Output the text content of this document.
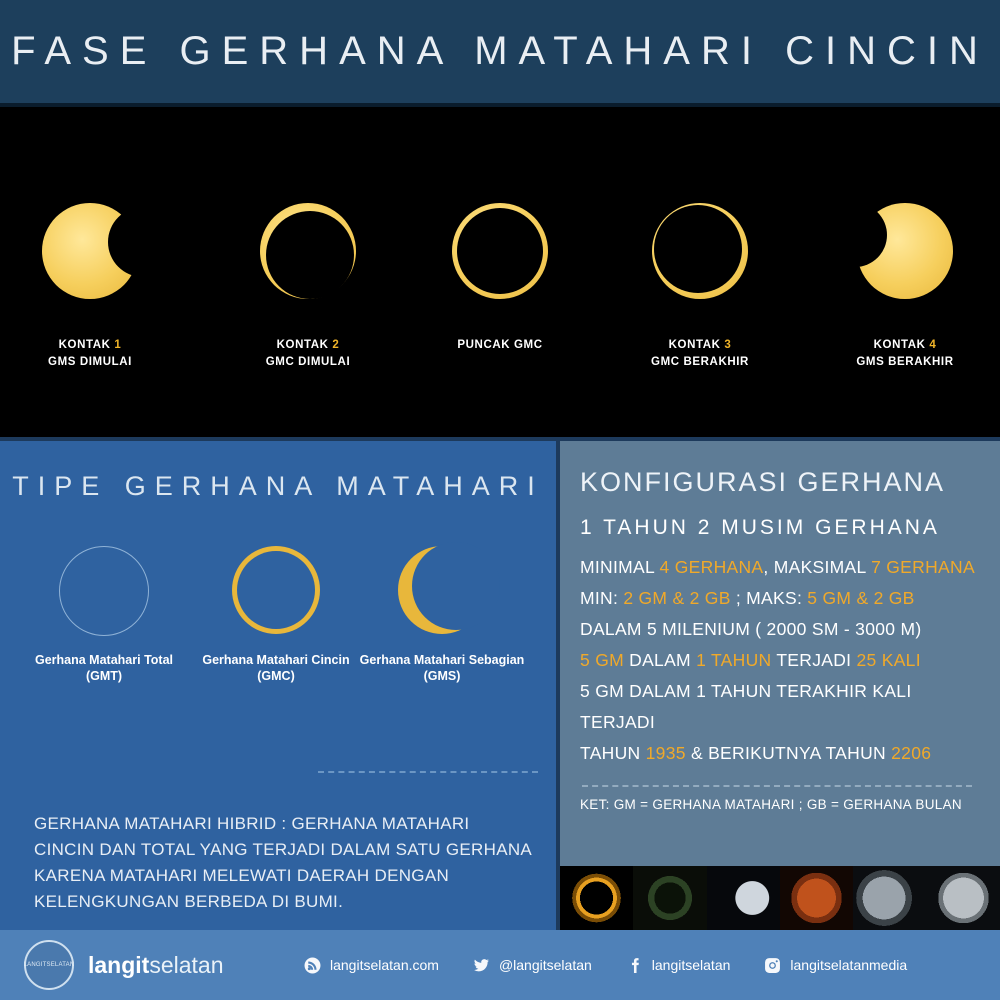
FASE GERHANA MATAHARI CINCIN
KONTAK 1
GMS DIMULAI
KONTAK 2
GMC DIMULAI
PUNCAK GMC	KONTAK 3
GMC BERAKHIR
KONTAK 4
GMS BERAKHIR
TIPE GERHANA MATAHARI
Gerhana Matahari Total
(GMT)
Gerhana Matahari Cincin
(GMC)
Gerhana Matahari Sebagian
(GMS)
GERHANA MATAHARI HIBRID : GERHANA MATAHARI CINCIN DAN TOTAL YANG TERJADI DALAM SATU GERHANA KARENA MATAHARI MELEWATI DAERAH DENGAN KELENGKUNGAN BERBEDA DI BUMI.
KONFIGURASI GERHANA
1 TAHUN 2 MUSIM GERHANA
MINIMAL 4 GERHANA, MAKSIMAL 7 GERHANA
MIN: 2 GM & 2 GB ; MAKS: 5 GM & 2 GB
DALAM 5 MILENIUM ( 2000 SM - 3000 M)
5 GM DALAM 1 TAHUN TERJADI 25 KALI
5 GM DALAM 1 TAHUN TERAKHIR KALI TERJADI
TAHUN 1935 & BERIKUTNYA TAHUN 2206
KET: GM = GERHANA MATAHARI ; GB = GERHANA BULAN
LANGITSELATAN langitselatan	langitselatan.com	@langitselatan	langitselatan	langitselatanmedia
